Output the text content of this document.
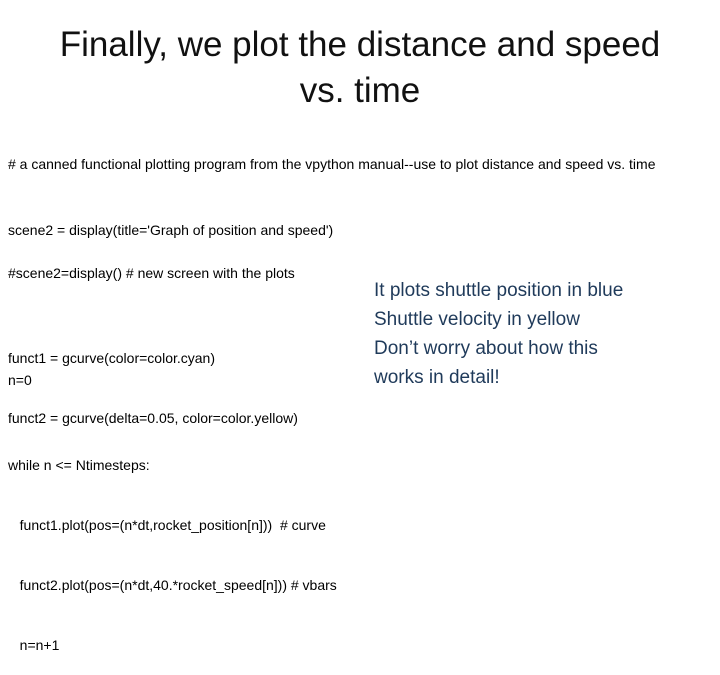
Finally, we plot the distance and speed
vs. time
# a canned functional plotting program from the vpython manual--use to plot distance and speed vs. time
scene2 = display(title='Graph of position and speed')
#scene2=display() # new screen with the plots

funct1 = gcurve(color=color.cyan)

funct2 = gcurve(delta=0.05, color=color.yellow)

n=0

while n <= Ntimesteps:

funct1.plot(pos=(n*dt,rocket_position[n]))  # curve

funct2.plot(pos=(n*dt,40.*rocket_speed[n])) # vbars

n=n+1

It plots shuttle position in blue
Shuttle velocity in yellow
Don’t worry about how this
works in detail!
